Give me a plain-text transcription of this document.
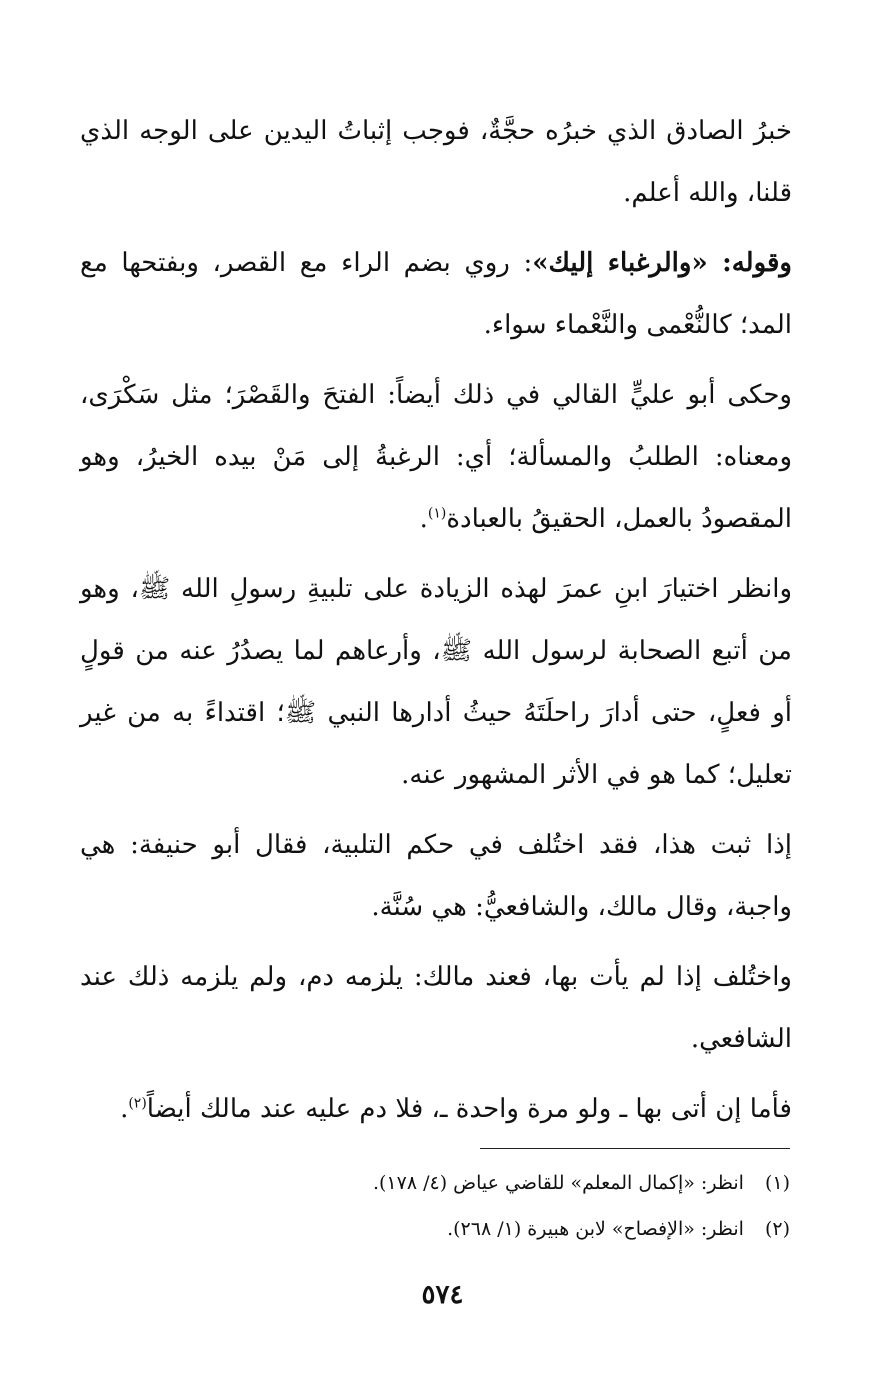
خبرُ الصادق الذي خبرُه حجَّةٌ، فوجب إثباتُ اليدين على الوجه الذي قلنا، والله أعلم.

وقوله: «والرغباء إليك»: روي بضم الراء مع القصر، وبفتحها مع المد؛ كالنُّعْمى والنَّعْماء سواء.

وحكى أبو عليٍّ القالي في ذلك أيضاً: الفتحَ والقَصْرَ؛ مثل سَكْرَى، ومعناه: الطلبُ والمسألة؛ أي: الرغبةُ إلى مَنْ بيده الخيرُ، وهو المقصودُ بالعمل، الحقيقُ بالعبادة$^{(١)}$.

وانظر اختيارَ ابنِ عمرَ لهذه الزيادة على تلبيةِ رسولِ الله ﷺ، وهو من أتبع الصحابة لرسول الله ﷺ، وأرعاهم لما يصدُرُ عنه من قولٍ أو فعلٍ، حتى أدارَ راحلَتَهُ حيثُ أدارها النبي ﷺ؛ اقتداءً به من غير تعليل؛ كما هو في الأثر المشهور عنه.

إذا ثبت هذا، فقد اختُلف في حكم التلبية، فقال أبو حنيفة: هي واجبة، وقال مالك، والشافعيُّ: هي سُنَّة.

واختُلف إذا لم يأت بها، فعند مالك: يلزمه دم، ولم يلزمه ذلك عند الشافعي.

فأما إن أتى بها ـ ولو مرة واحدة ـ، فلا دم عليه عند مالك أيضاً$^{(٢)}$.

(١) انظر: «إكمال المعلم» للقاضي عياض (٤/ ١٧٨).

(٢) انظر: «الإفصاح» لابن هبيرة (١/ ٢٦٨).

٥٧٤
